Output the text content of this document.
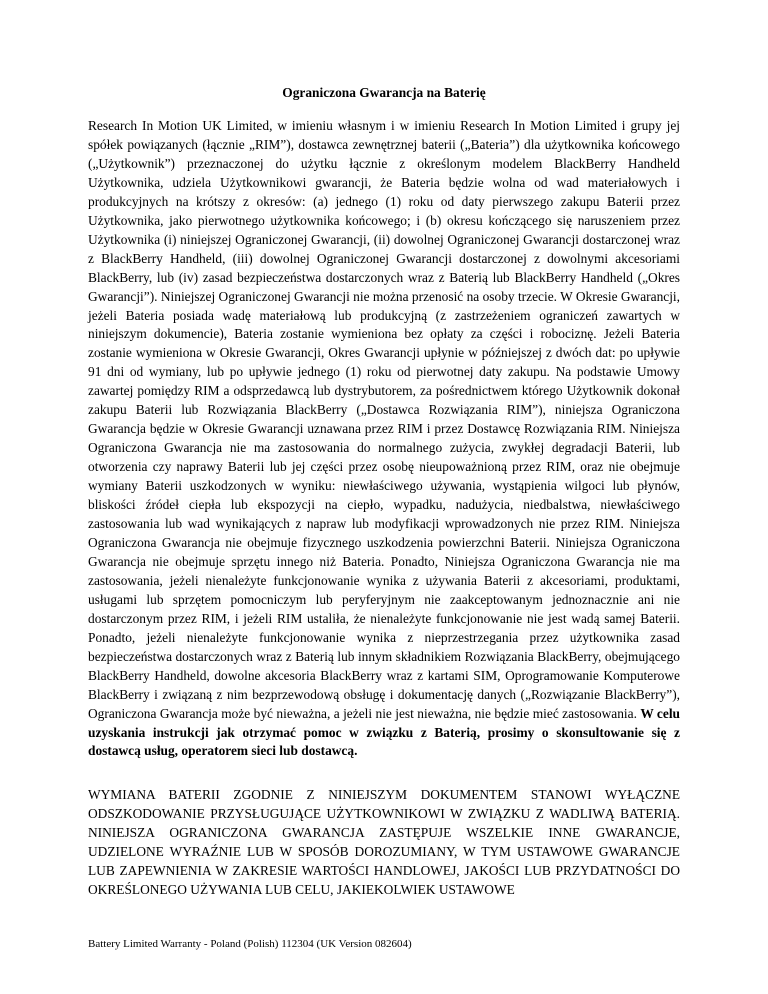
Ograniczona Gwarancja na Baterię

Research In Motion UK Limited, w imieniu własnym i w imieniu Research In Motion Limited i grupy jej spółek powiązanych (łącznie „RIM”), dostawca zewnętrznej baterii („Bateria”) dla użytkownika końcowego („Użytkownik”) przeznaczonej do użytku łącznie z określonym modelem BlackBerry Handheld Użytkownika, udziela Użytkownikowi gwarancji, że Bateria będzie wolna od wad materiałowych i produkcyjnych na krótszy z okresów: (a) jednego (1) roku od daty pierwszego zakupu Baterii przez Użytkownika, jako pierwotnego użytkownika końcowego; i (b) okresu kończącego się naruszeniem przez Użytkownika (i) niniejszej Ograniczonej Gwarancji, (ii) dowolnej Ograniczonej Gwarancji dostarczonej wraz z BlackBerry Handheld, (iii) dowolnej Ograniczonej Gwarancji dostarczonej z dowolnymi akcesoriami BlackBerry, lub (iv) zasad bezpieczeństwa dostarczonych wraz z Baterią lub BlackBerry Handheld („Okres Gwarancji”). Niniejszej Ograniczonej Gwarancji nie można przenosić na osoby trzecie. W Okresie Gwarancji, jeżeli Bateria posiada wadę materiałową lub produkcyjną (z zastrzeżeniem ograniczeń zawartych w niniejszym dokumencie), Bateria zostanie wymieniona bez opłaty za części i robociznę. Jeżeli Bateria zostanie wymieniona w Okresie Gwarancji, Okres Gwarancji upłynie w późniejszej z dwóch dat: po upływie 91 dni od wymiany, lub po upływie jednego (1) roku od pierwotnej daty zakupu. Na podstawie Umowy zawartej pomiędzy RIM a odsprzedawcą lub dystrybutorem, za pośrednictwem którego Użytkownik dokonał zakupu Baterii lub Rozwiązania BlackBerry („Dostawca Rozwiązania RIM”), niniejsza Ograniczona Gwarancja będzie w Okresie Gwarancji uznawana przez RIM i przez Dostawcę Rozwiązania RIM. Niniejsza Ograniczona Gwarancja nie ma zastosowania do normalnego zużycia, zwykłej degradacji Baterii, lub otworzenia czy naprawy Baterii lub jej części przez osobę nieupoważnioną przez RIM, oraz nie obejmuje wymiany Baterii uszkodzonych w wyniku: niewłaściwego używania, wystąpienia wilgoci lub płynów, bliskości źródeł ciepła lub ekspozycji na ciepło, wypadku, nadużycia, niedbalstwa, niewłaściwego zastosowania lub wad wynikających z napraw lub modyfikacji wprowadzonych nie przez RIM. Niniejsza Ograniczona Gwarancja nie obejmuje fizycznego uszkodzenia powierzchni Baterii. Niniejsza Ograniczona Gwarancja nie obejmuje sprzętu innego niż Bateria. Ponadto, Niniejsza Ograniczona Gwarancja nie ma zastosowania, jeżeli nienależyte funkcjonowanie wynika z używania Baterii z akcesoriami, produktami, usługami lub sprzętem pomocniczym lub peryferyjnym nie zaakceptowanym jednoznacznie ani nie dostarczonym przez RIM, i jeżeli RIM ustaliła, że nienależyte funkcjonowanie nie jest wadą samej Baterii. Ponadto, jeżeli nienależyte funkcjonowanie wynika z nieprzestrzegania przez użytkownika zasad bezpieczeństwa dostarczonych wraz z Baterią lub innym składnikiem Rozwiązania BlackBerry, obejmującego BlackBerry Handheld, dowolne akcesoria BlackBerry wraz z kartami SIM, Oprogramowanie Komputerowe BlackBerry i związaną z nim bezprzewodową obsługę i dokumentację danych („Rozwiązanie BlackBerry”), Ograniczona Gwarancja może być nieważna, a jeżeli nie jest nieważna, nie będzie mieć zastosowania. W celu uzyskania instrukcji jak otrzymać pomoc w związku z Baterią, prosimy o skonsultowanie się z dostawcą usług, operatorem sieci lub dostawcą.

WYMIANA BATERII ZGODNIE Z NINIEJSZYM DOKUMENTEM STANOWI WYŁĄCZNE ODSZKODOWANIE PRZYSŁUGUJĄCE UŻYTKOWNIKOWI W ZWIĄZKU Z WADLIWĄ BATERIĄ. NINIEJSZA OGRANICZONA GWARANCJA ZASTĘPUJE WSZELKIE INNE GWARANCJE, UDZIELONE WYRAŹNIE LUB W SPOSÓB DOROZUMIANY, W TYM USTAWOWE GWARANCJE LUB ZAPEWNIENIA W ZAKRESIE WARTOŚCI HANDLOWEJ, JAKOŚCI LUB PRZYDATNOŚCI DO OKREŚLONEGO UŻYWANIA LUB CELU, JAKIEKOLWIEK USTAWOWE

Battery Limited Warranty - Poland (Polish) 112304 (UK Version 082604)
